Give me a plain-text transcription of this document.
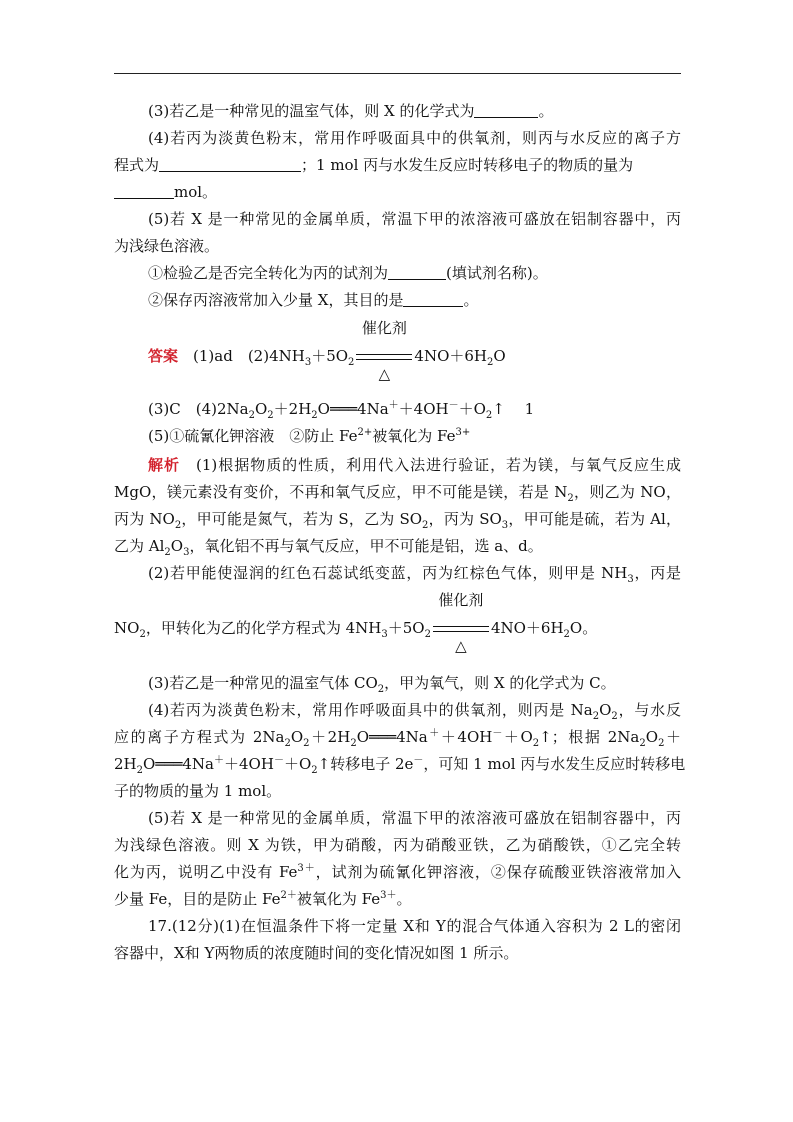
(3)若乙是一种常见的温室气体，则 X 的化学式为	。
(4)若丙为淡黄色粉末，常用作呼吸面具中的供氧剂，则丙与水反应的离子方
程式为	；1 mol 丙与水发生反应时转移电子的物质的量为
mol。
(5)若 X 是一种常见的金属单质，常温下甲的浓溶液可盛放在铝制容器中，丙
为浅绿色溶液。
①检验乙是否完全转化为丙的试剂为	(填试剂名称)。
②保存丙溶液常加入少量 X，其目的是	。
答案　 (1)ad　$(2)4NH_3+5O_2$
催化剂
△
$4NO+6H_2O$
(3)C　$(4)2Na_2O_2+2H_2O═══4Na^++4OH^-+O_2↑$　 1
(5)①硫氰化钾溶液　②防止 $Fe^{2+}$被氧化为 $Fe^{3+}$
解析　 (1)根据物质的性质，利用代入法进行验证，若为镁，与氧气反应生成
MgO，镁元素没有变价，不再和氧气反应，甲不可能是镁，若是 $N_2$，则乙为 NO，
丙为 $NO_2$，甲可能是氮气，若为 S，乙为 $SO_2$，丙为 $SO_3$，甲可能是硫，若为 Al，
乙为 $Al_2O_3$，氧化铝不再与氧气反应，甲不可能是铝，选 a、d。
(2)若甲能使湿润的红色石蕊试纸变蓝，丙为红棕色气体，则甲是 $NH_3$，丙是
$NO_2$，甲转化为乙的化学方程式为 $4NH_3+5O_2$
催化剂
△
$4NO+6H_2O$。
(3)若乙是一种常见的温室气体 $CO_2$，甲为氧气，则 X 的化学式为 C。
(4)若丙为淡黄色粉末，常用作呼吸面具中的供氧剂，则丙是 $Na_2O_2$，与水反
应的离子方程式为 $2Na_2O_2+2H_2O═══4Na^++4OH^-+O_2↑$；根据 $2Na_2O_2+$
$2H_2O═══4Na^++4OH^-+O_2↑$转移电子 2e－，可知 1 mol 丙与水发生反应时转移电
子的物质的量为 1 mol。
(5)若 X 是一种常见的金属单质，常温下甲的浓溶液可盛放在铝制容器中，丙
为浅绿色溶液。则 X 为铁，甲为硝酸，丙为硝酸亚铁，乙为硝酸铁，①乙完全转
化为丙，说明乙中没有 $Fe^{3+}$，试剂为硫氰化钾溶液，②保存硫酸亚铁溶液常加入
少量 Fe，目的是防止 $Fe^{2+}$被氧化为 $Fe^{3+}$。
17.(12分)(1)在恒温条件下将一定量 X和 Y的混合气体通入容积为 2 L的密闭
容器中，X和 Y两物质的浓度随时间的变化情况如图 1 所示。
